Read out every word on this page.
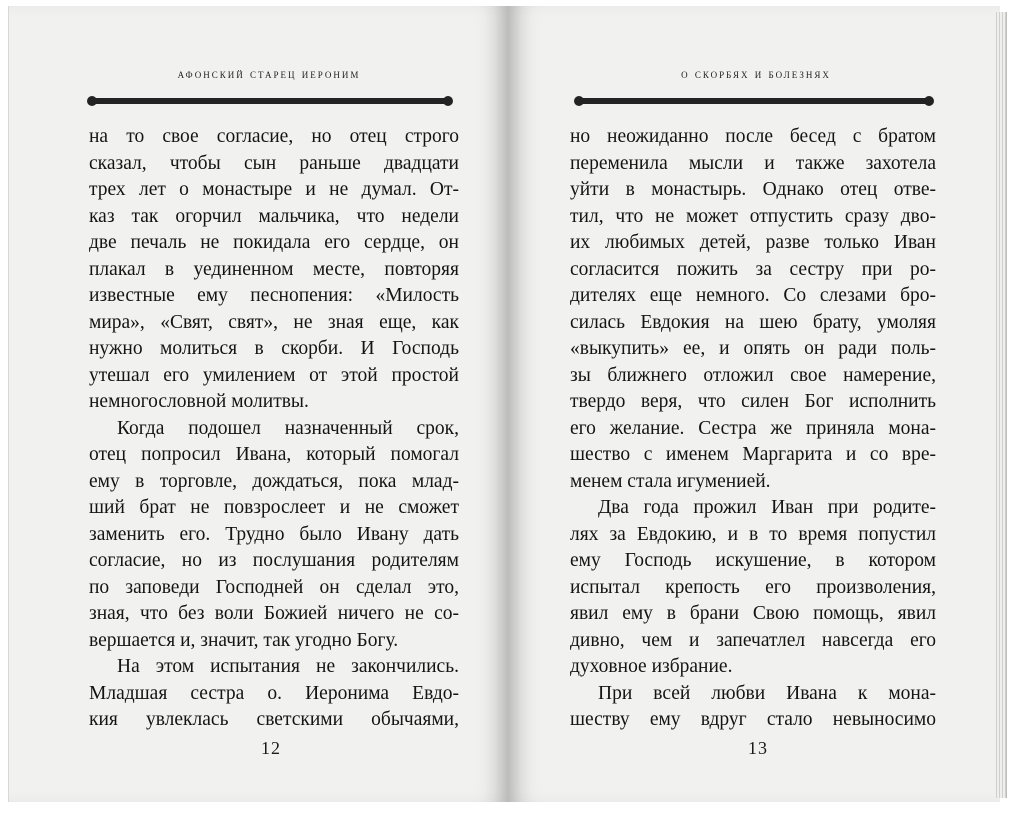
афонский старец иероним
на то свое согласие, но отец строго
сказал, чтобы сын раньше двадцати
трех лет о монастыре и не думал. От-
каз так огорчил мальчика, что недели
две печаль не покидала его сердце, он
плакал в уединенном месте, повторяя
известные ему песнопения: «Милость
мира», «Свят, свят», не зная еще, как
нужно молиться в скорби. И Господь
утешал его умилением от этой простой
немногословной молитвы.
Когда подошел назначенный срок,
отец попросил Ивана, который помогал
ему в торговле, дождаться, пока млад-
ший брат не повзрослеет и не сможет
заменить его. Трудно было Ивану дать
согласие, но из послушания родителям
по заповеди Господней он сделал это,
зная, что без воли Божией ничего не со-
вершается и, значит, так угодно Богу.
На этом испытания не закончились.
Младшая сестра о. Иеронима Евдо-
кия увлеклась светскими обычаями,
12
о скорбях и болезнях
но неожиданно после бесед с братом
переменила мысли и также захотела
уйти в монастырь. Однако отец отве-
тил, что не может отпустить сразу дво-
их любимых детей, разве только Иван
согласится пожить за сестру при ро-
дителях еще немного. Со слезами бро-
силась Евдокия на шею брату, умоляя
«выкупить» ее, и опять он ради поль-
зы ближнего отложил свое намерение,
твердо веря, что силен Бог исполнить
его желание. Сестра же приняла мона-
шество с именем Маргарита и со вре-
менем стала игуменией.
Два года прожил Иван при родите-
лях за Евдокию, и в то время попустил
ему Господь искушение, в котором
испытал крепость его произволения,
явил ему в брани Свою помощь, явил
дивно, чем и запечатлел навсегда его
духовное избрание.
При всей любви Ивана к мона-
шеству ему вдруг стало невыносимо
13
